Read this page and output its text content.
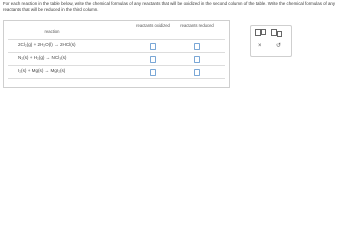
For each reaction in the table below, write the chemical formulas of any reactants that will be oxidized in the second column of the table. Write the chemical formulas of any reactants that will be reduced in the third column.
reaction
reactants oxidized reactants reduced
2Cl₂(g) + 2H₂O(l) → 2HCl(s)
N₂(s) + H₂(g) → NCl₃(s)
I₂(s) + Mg(s) → MgI₂(s)
× ↺
